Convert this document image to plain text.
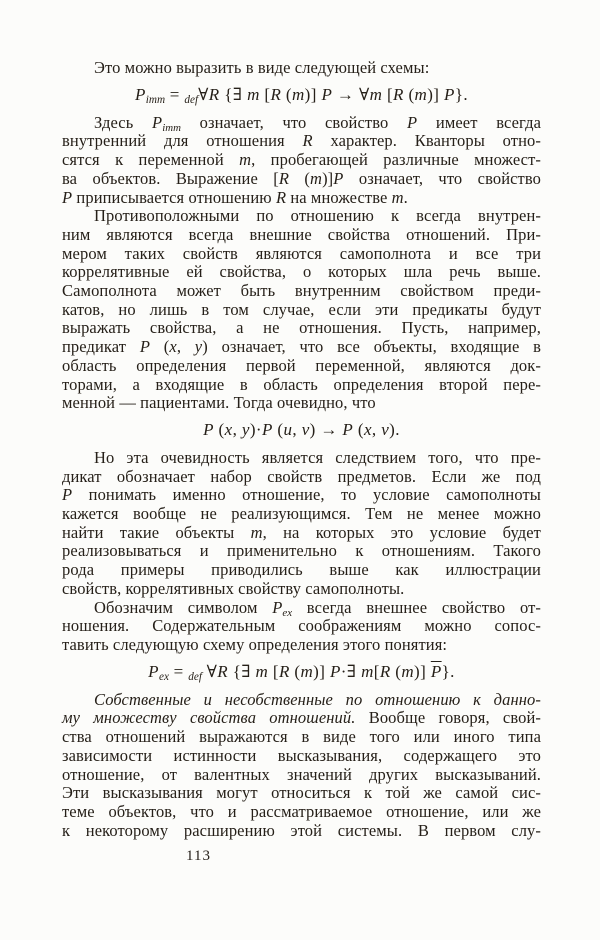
Это можно выразить в виде следующей схемы:
$P_{imm}$ = $_{def}$∀R {∃ m [R (m)] P → ∀m [R (m)] P}.
Здесь $P_{imm}$ означает, что свойство P имеет всегда
внутренний для отношения R характер. Кванторы отно-
сятся к переменной m, пробегающей различные множест-
ва объектов. Выражение [R (m)]P означает, что свойство
P приписывается отношению R на множестве m.
Противоположными по отношению к всегда внутрен-
ним являются всегда внешние свойства отношений. При-
мером таких свойств являются самополнота и все три
коррелятивные ей свойства, о которых шла речь выше.
Самополнота может быть внутренним свойством преди-
катов, но лишь в том случае, если эти предикаты будут
выражать свойства, а не отношения. Пусть, например,
предикат P (x, y) означает, что все объекты, входящие в
область определения первой переменной, являются док-
торами, а входящие в область определения второй пере-
менной — пациентами. Тогда очевидно, что
P (x, y)·P (u, v) → P (x, v).
Но эта очевидность является следствием того, что пре-
дикат обозначает набор свойств предметов. Если же под
P понимать именно отношение, то условие самополноты
кажется вообще не реализующимся. Тем не менее можно
найти такие объекты m, на которых это условие будет
реализовываться и применительно к отношениям. Такого
рода примеры приводились выше как иллюстрации
свойств, коррелятивных свойству самополноты.
Обозначим символом $P_{ex}$ всегда внешнее свойство от-
ношения. Содержательным соображениям можно сопос-
тавить следующую схему определения этого понятия:
$P_{ex} = _{def}$ ∀R {∃ m [R (m)] P·∃ m[R (m)] $\overline{P}$}.
Собственные и несобственные по отношению к данно-
му множеству свойства отношений. Вообще говоря, свой-
ства отношений выражаются в виде того или иного типа
зависимости истинности высказывания, содержащего это
отношение, от валентных значений других высказываний.
Эти высказывания могут относиться к той же самой сис-
теме объектов, что и рассматриваемое отношение, или же
к некоторому расширению этой системы. В первом слу-
113
